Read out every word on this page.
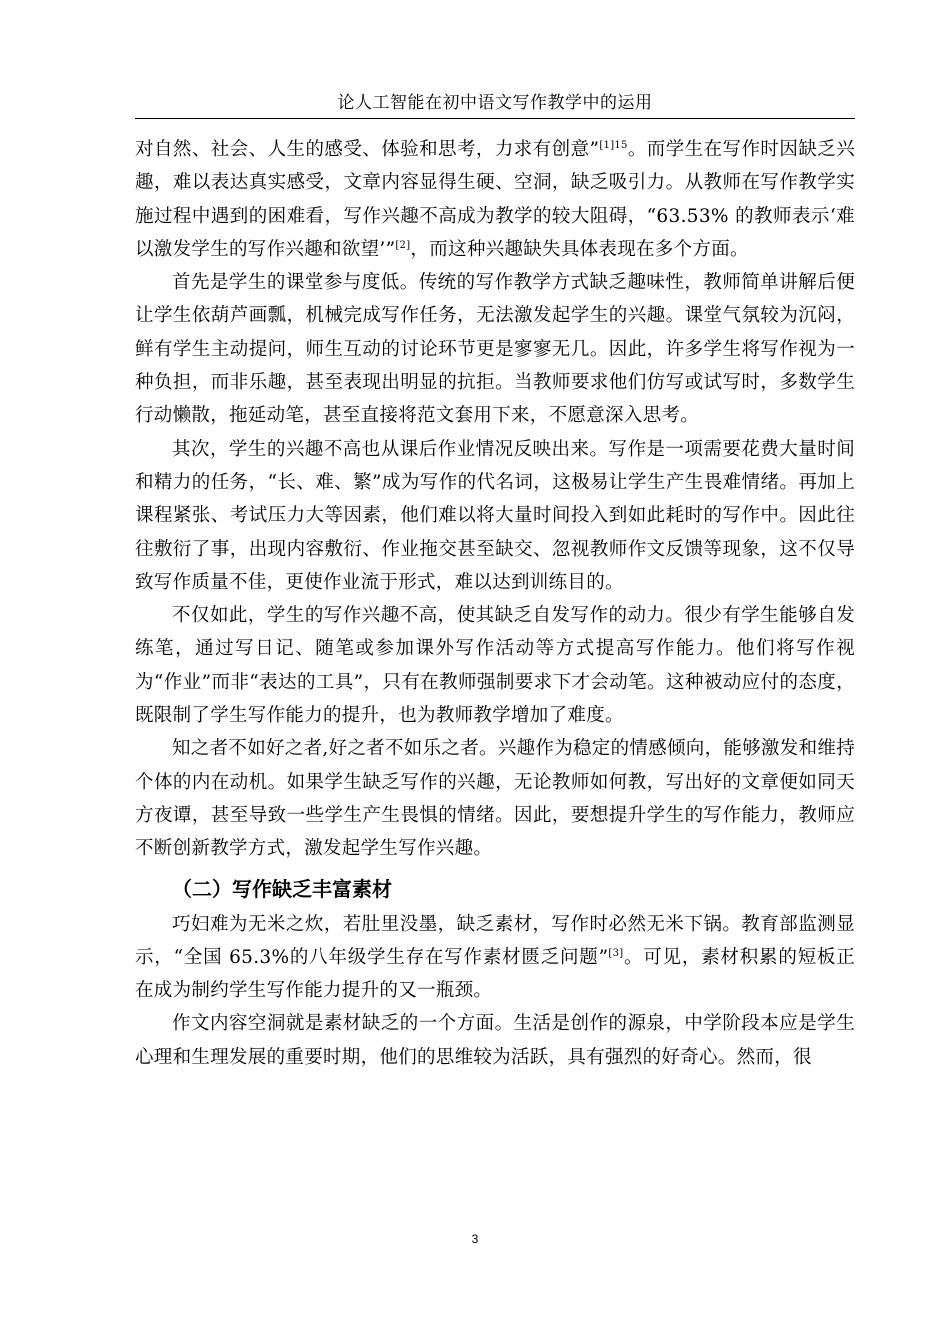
论人工智能在初中语文写作教学中的运用

对自然、社会、人生的感受、体验和思考，力求有创意”$^{[1]15}$。而学生在写作时因缺乏兴趣，难以表达真实感受，文章内容显得生硬、空洞，缺乏吸引力。从教师在写作教学实施过程中遇到的困难看，写作兴趣不高成为教学的较大阻碍，“63.53% 的教师表示‘难以激发学生的写作兴趣和欲望’”[2]，而这种兴趣缺失具体表现在多个方面。

首先是学生的课堂参与度低。传统的写作教学方式缺乏趣味性，教师简单讲解后便让学生依葫芦画瓢，机械完成写作任务，无法激发起学生的兴趣。课堂气氛较为沉闷，鲜有学生主动提问，师生互动的讨论环节更是寥寥无几。因此，许多学生将写作视为一种负担，而非乐趣，甚至表现出明显的抗拒。当教师要求他们仿写或试写时，多数学生行动懒散，拖延动笔，甚至直接将范文套用下来，不愿意深入思考。

其次，学生的兴趣不高也从课后作业情况反映出来。写作是一项需要花费大量时间和精力的任务，“长、难、繁”成为写作的代名词，这极易让学生产生畏难情绪。再加上课程紧张、考试压力大等因素，他们难以将大量时间投入到如此耗时的写作中。因此往往敷衍了事，出现内容敷衍、作业拖交甚至缺交、忽视教师作文反馈等现象，这不仅导致写作质量不佳，更使作业流于形式，难以达到训练目的。

不仅如此，学生的写作兴趣不高，使其缺乏自发写作的动力。很少有学生能够自发练笔，通过写日记、随笔或参加课外写作活动等方式提高写作能力。他们将写作视为“作业”而非“表达的工具”，只有在教师强制要求下才会动笔。这种被动应付的态度，既限制了学生写作能力的提升，也为教师教学增加了难度。

知之者不如好之者,好之者不如乐之者。兴趣作为稳定的情感倾向，能够激发和维持个体的内在动机。如果学生缺乏写作的兴趣，无论教师如何教，写出好的文章便如同天方夜谭，甚至导致一些学生产生畏惧的情绪。因此，要想提升学生的写作能力，教师应不断创新教学方式，激发起学生写作兴趣。

（二）写作缺乏丰富素材

巧妇难为无米之炊，若肚里没墨，缺乏素材，写作时必然无米下锅。教育部监测显示，“全国 65.3%的八年级学生存在写作素材匮乏问题”[3]。可见，素材积累的短板正在成为制约学生写作能力提升的又一瓶颈。

作文内容空洞就是素材缺乏的一个方面。生活是创作的源泉，中学阶段本应是学生心理和生理发展的重要时期，他们的思维较为活跃，具有强烈的好奇心。然而，很

3
